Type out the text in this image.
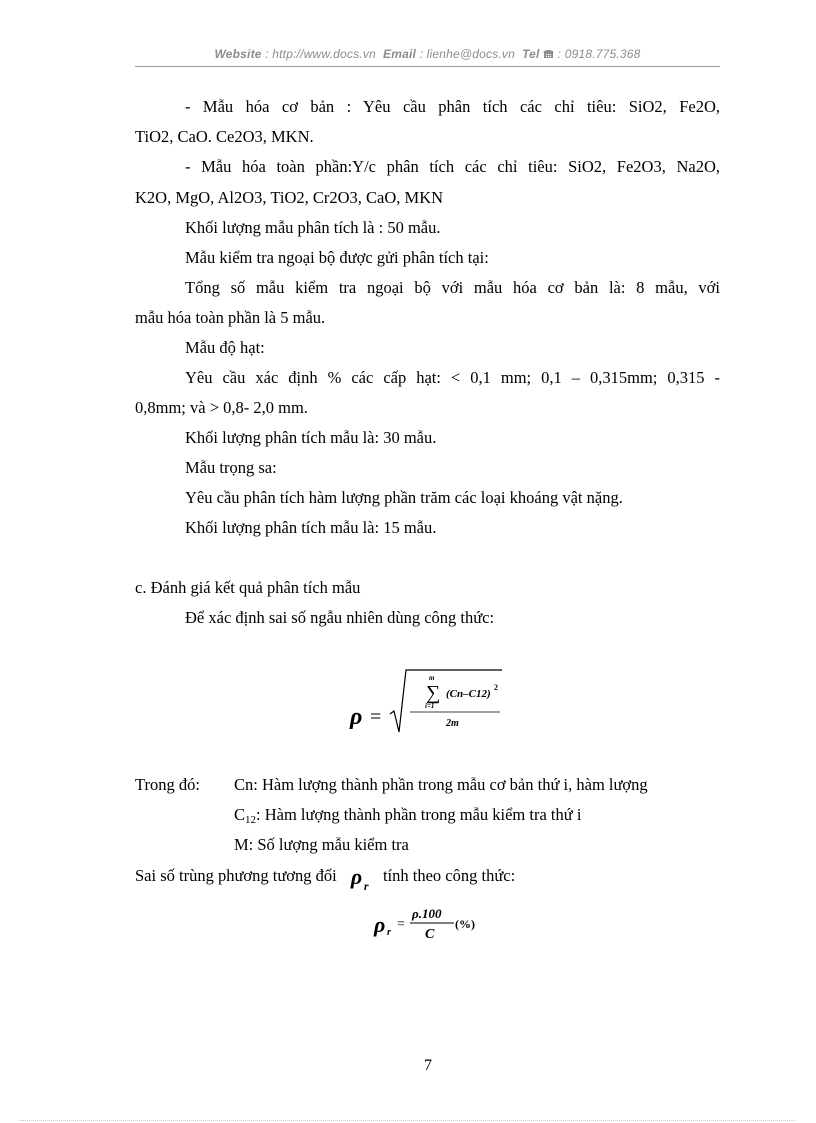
Website : http://www.docs.vn Email : lienhe@docs.vn Tel : 0918.775.368
- Mẫu hóa cơ bản : Yêu cầu phân tích các chỉ tiêu: SiO2, Fe2O,
TiO2, CaO. Ce2O3, MKN.
- Mẫu hóa toàn phần:Y/c phân tích các chỉ tiêu: SiO2, Fe2O3, Na2O,
K2O, MgO, Al2O3, TiO2, Cr2O3, CaO, MKN
Khối lượng mẫu phân tích là : 50 mẫu.
Mẫu kiểm tra ngoại bộ được gửi phân tích tại:
Tổng số mẫu kiểm tra ngoại bộ với mẫu hóa cơ bản là: 8 mẫu, với
mẫu hóa toàn phần là 5 mẫu.
Mẫu độ hạt:
Yêu cầu xác định % các cấp hạt: < 0,1 mm; 0,1 – 0,315mm; 0,315 -
0,8mm; và > 0,8- 2,0 mm.
Khối lượng phân tích mẫu là: 30 mẫu.
Mẫu trọng sa:
Yêu cầu phân tích hàm lượng phần trăm các loại khoáng vật nặng.
Khối lượng phân tích mẫu là: 15 mẫu.
c. Đánh giá kết quả phân tích mẫu
Để xác định sai số ngẫu nhiên dùng công thức:
ρ =
m
∑
i=1
(Cn–C12)
2
2m
Trong đó: Cn: Hàm lượng thành phần trong mẫu cơ bản thứ i, hàm lượng
$C_{12}$: Hàm lượng thành phần trong mẫu kiểm tra thứ i
M: Số lượng mẫu kiểm tra
Sai số trùng phương tương đối ρ r
tính theo công thức:
ρ r
=
ρ.100
C
(%)
7
